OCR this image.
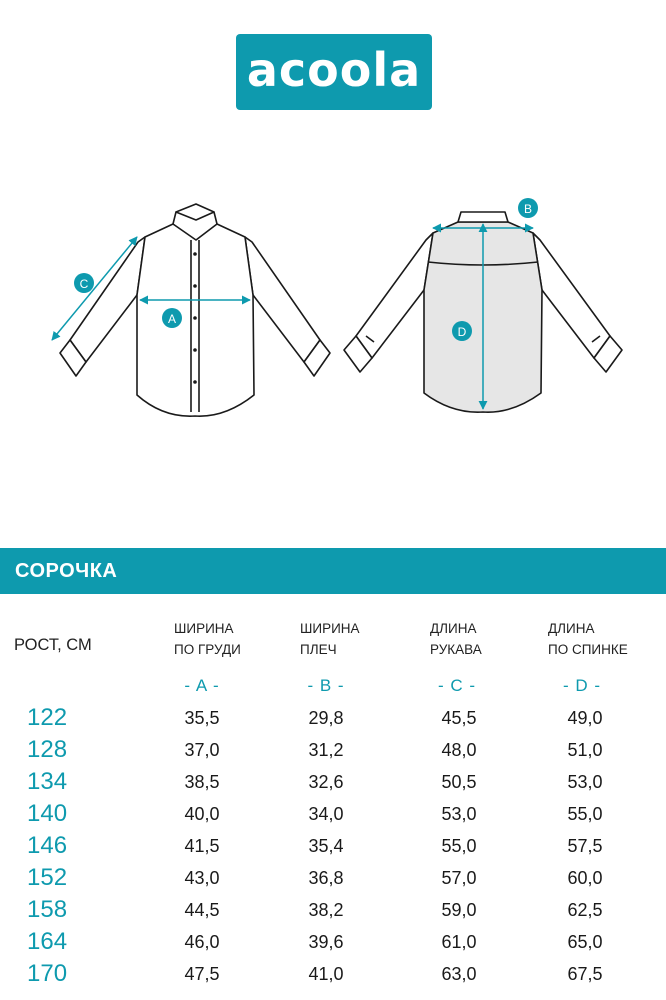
acoola
C
A
B
D
СОРОЧКА
РОСТ, СМ
ШИРИНА
ПО ГРУДИ
ШИРИНА
ПЛЕЧ
ДЛИНА
РУКАВА
ДЛИНА
ПО СПИНКЕ
- A -	- B -	- C -	- D -
122	35,5	29,8	45,5	49,0
128	37,0	31,2	48,0	51,0
134	38,5	32,6	50,5	53,0
140	40,0	34,0	53,0	55,0
146	41,5	35,4	55,0	57,5
152	43,0	36,8	57,0	60,0
158	44,5	38,2	59,0	62,5
164	46,0	39,6	61,0	65,0
170	47,5	41,0	63,0	67,5
